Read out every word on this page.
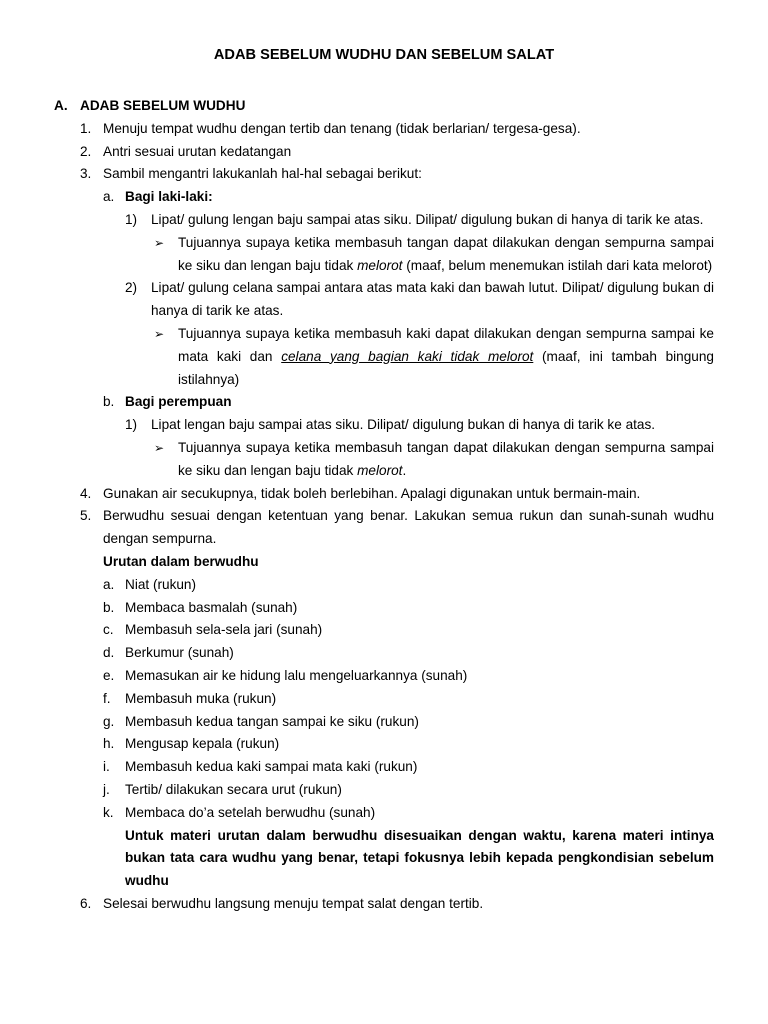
ADAB SEBELUM WUDHU DAN SEBELUM SALAT
A. ADAB SEBELUM WUDHU
1. Menuju tempat wudhu dengan tertib dan tenang (tidak berlarian/ tergesa-gesa).
2. Antri sesuai urutan kedatangan
3. Sambil mengantri lakukanlah hal-hal sebagai berikut:
a. Bagi laki-laki:
1) Lipat/ gulung lengan baju sampai atas siku. Dilipat/ digulung bukan di hanya di tarik ke atas.
➢ Tujuannya supaya ketika membasuh tangan dapat dilakukan dengan sempurna sampai ke siku dan lengan baju tidak melorot (maaf, belum menemukan istilah dari kata melorot)
2) Lipat/ gulung celana sampai antara atas mata kaki dan bawah lutut. Dilipat/ digulung bukan di hanya di tarik ke atas.
➢ Tujuannya supaya ketika membasuh kaki dapat dilakukan dengan sempurna sampai ke mata kaki dan celana yang bagian kaki tidak melorot (maaf, ini tambah bingung istilahnya)
b. Bagi perempuan
1) Lipat lengan baju sampai atas siku. Dilipat/ digulung bukan di hanya di tarik ke atas.
➢ Tujuannya supaya ketika membasuh tangan dapat dilakukan dengan sempurna sampai ke siku dan lengan baju tidak melorot.
4. Gunakan air secukupnya, tidak boleh berlebihan. Apalagi digunakan untuk bermain-main.
5. Berwudhu sesuai dengan ketentuan yang benar. Lakukan semua rukun dan sunah-sunah wudhu dengan sempurna.
Urutan dalam berwudhu
a. Niat (rukun)
b. Membaca basmalah (sunah)
c. Membasuh sela-sela jari (sunah)
d. Berkumur (sunah)
e. Memasukan air ke hidung lalu mengeluarkannya (sunah)
f. Membasuh muka (rukun)
g. Membasuh kedua tangan sampai ke siku (rukun)
h. Mengusap kepala (rukun)
i. Membasuh kedua kaki sampai mata kaki (rukun)
j. Tertib/ dilakukan secara urut (rukun)
k. Membaca do’a setelah berwudhu (sunah)
Untuk materi urutan dalam berwudhu disesuaikan dengan waktu, karena materi intinya bukan tata cara wudhu yang benar, tetapi fokusnya lebih kepada pengkondisian sebelum wudhu
6. Selesai berwudhu langsung menuju tempat salat dengan tertib.
